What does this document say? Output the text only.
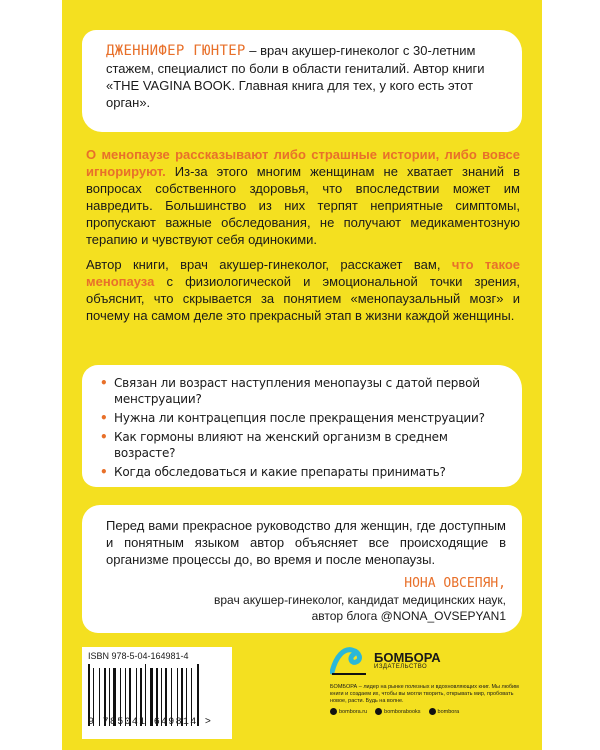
ДЖЕННИФЕР ГЮНТЕР – врач акушер-гинеколог с 30-летним стажем, специалист по боли в области гениталий. Автор книги «THE VAGINA BOOK. Главная книга для тех, у кого есть этот орган».
О менопаузе рассказывают либо страшные истории, либо вовсе игнорируют. Из-за этого многим женщинам не хватает знаний в вопросах собственного здоровья, что впоследствии может им навредить. Большинство из них терпят неприятные симптомы, пропускают важные обследования, не получают медикаментозную терапию и чувствуют себя одинокими.
Автор книги, врач акушер-гинеколог, расскажет вам, что такое менопауза с физиологической и эмоциональной точки зрения, объяснит, что скрывается за понятием «менопаузальный мозг» и почему на самом деле это прекрасный этап в жизни каждой женщины.
• Связан ли возраст наступления менопаузы с датой первой менструации?
• Нужна ли контрацепция после прекращения менструации?
• Как гормоны влияют на женский организм в среднем возрасте?
• Когда обследоваться и какие препараты принимать?
Перед вами прекрасное руководство для женщин, где доступным и понятным языком автор объясняет все происходящие в организме процессы до, во время и после менопаузы.
НОНА ОВСЕПЯН,
врач акушер-гинеколог, кандидат медицинских наук,
автор блога @NONA_OVSEPYAN1
ISBN 978-5-04-164981-4
9 785041 649814 >
БОМБОРА
ИЗДАТЕЛЬСТВО
БОМБОРА – лидер на рынке полезных и вдохновляющих книг. Мы любим книги и создаем их, чтобы вы могли творить, открывать мир, пробовать новое, расти. Будь на волне.
bombora.ru	bomborabooks	bombora
